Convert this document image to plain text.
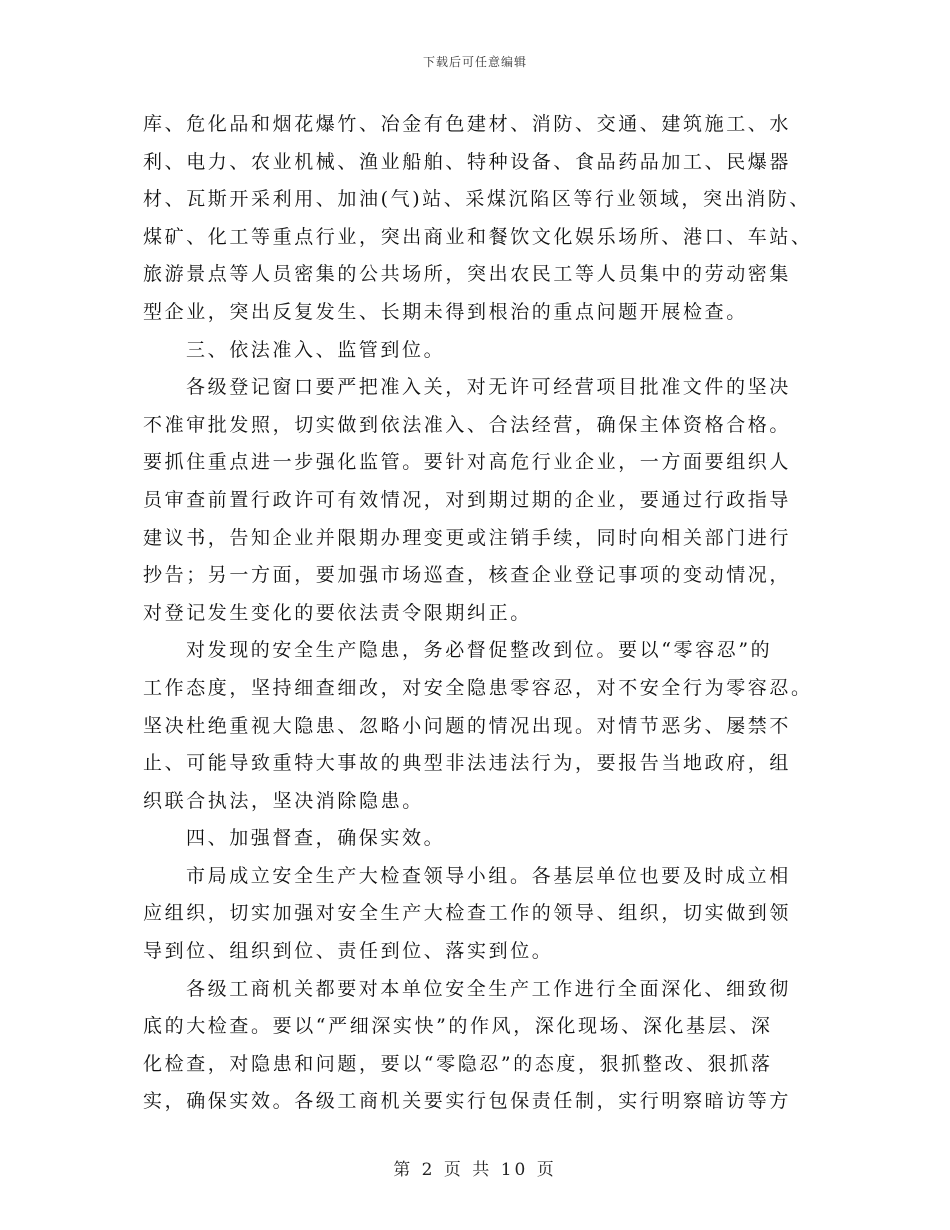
下载后可任意编辑
库、危化品和烟花爆竹、冶金有色建材、消防、交通、建筑施工、水
利、电力、农业机械、渔业船舶、特种设备、食品药品加工、民爆器
材、瓦斯开采利用、加油(气)站、采煤沉陷区等行业领域，突出消防、
煤矿、化工等重点行业，突出商业和餐饮文化娱乐场所、港口、车站、
旅游景点等人员密集的公共场所，突出农民工等人员集中的劳动密集
型企业，突出反复发生、长期未得到根治的重点问题开展检查。
三、依法准入、监管到位。
各级登记窗口要严把准入关，对无许可经营项目批准文件的坚决
不准审批发照，切实做到依法准入、合法经营，确保主体资格合格。
要抓住重点进一步强化监管。要针对高危行业企业，一方面要组织人
员审查前置行政许可有效情况，对到期过期的企业，要通过行政指导
建议书，告知企业并限期办理变更或注销手续，同时向相关部门进行
抄告；另一方面，要加强市场巡查，核查企业登记事项的变动情况，
对登记发生变化的要依法责令限期纠正。
对发现的安全生产隐患，务必督促整改到位。要以“零容忍”的
工作态度，坚持细查细改，对安全隐患零容忍，对不安全行为零容忍。
坚决杜绝重视大隐患、忽略小问题的情况出现。对情节恶劣、屡禁不
止、可能导致重特大事故的典型非法违法行为，要报告当地政府，组
织联合执法，坚决消除隐患。
四、加强督查，确保实效。
市局成立安全生产大检查领导小组。各基层单位也要及时成立相
应组织，切实加强对安全生产大检查工作的领导、组织，切实做到领
导到位、组织到位、责任到位、落实到位。
各级工商机关都要对本单位安全生产工作进行全面深化、细致彻
底的大检查。要以“严细深实快”的作风，深化现场、深化基层、深
化检查，对隐患和问题，要以“零隐忍”的态度，狠抓整改、狠抓落
实，确保实效。各级工商机关要实行包保责任制，实行明察暗访等方
第 2 页 共 10 页
